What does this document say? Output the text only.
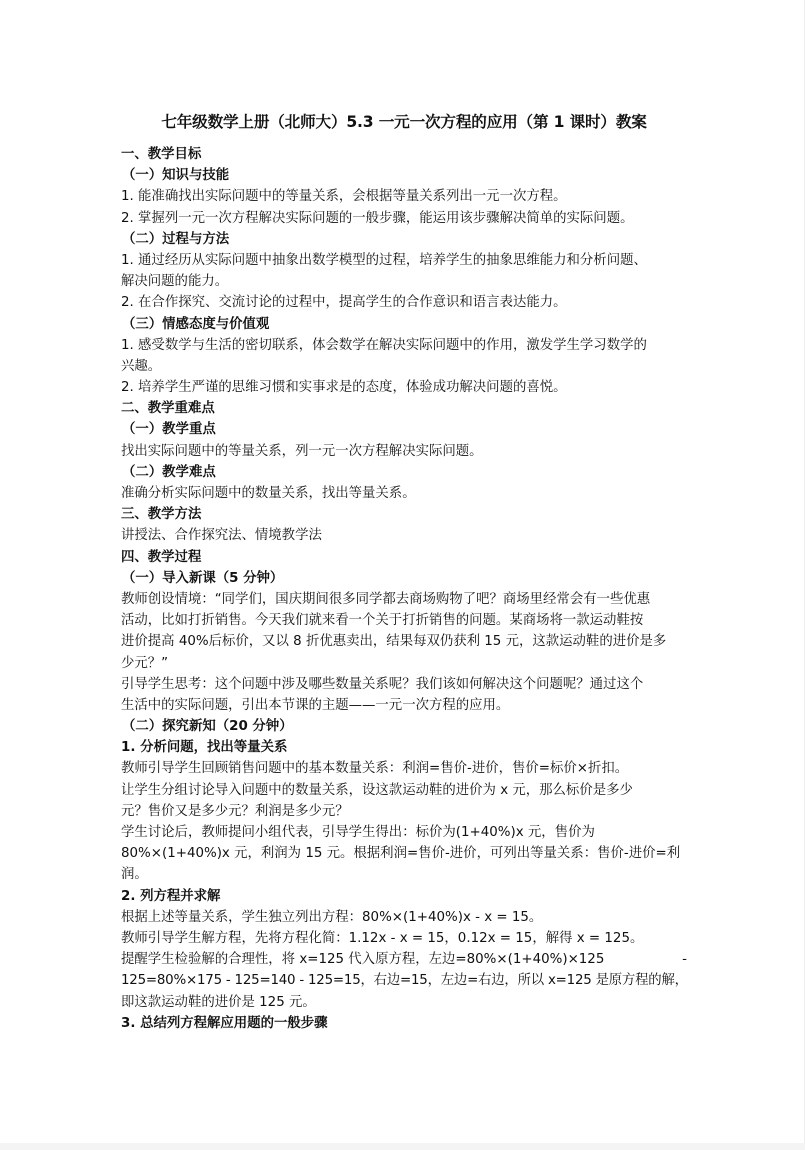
七年级数学上册（北师大）5.3 一元一次方程的应用（第 1 课时）教案
一、教学目标
（一）知识与技能
1. 能准确找出实际问题中的等量关系，会根据等量关系列出一元一次方程。
2. 掌握列一元一次方程解决实际问题的一般步骤，能运用该步骤解决简单的实际问题。
（二）过程与方法
1. 通过经历从实际问题中抽象出数学模型的过程，培养学生的抽象思维能力和分析问题、
解决问题的能力。
2. 在合作探究、交流讨论的过程中，提高学生的合作意识和语言表达能力。
（三）情感态度与价值观
1. 感受数学与生活的密切联系，体会数学在解决实际问题中的作用，激发学生学习数学的
兴趣。
2. 培养学生严谨的思维习惯和实事求是的态度，体验成功解决问题的喜悦。
二、教学重难点
（一）教学重点
找出实际问题中的等量关系，列一元一次方程解决实际问题。
（二）教学难点
准确分析实际问题中的数量关系，找出等量关系。
三、教学方法
讲授法、合作探究法、情境教学法
四、教学过程
（一）导入新课（5 分钟）
教师创设情境：“同学们，国庆期间很多同学都去商场购物了吧？商场里经常会有一些优惠
活动，比如打折销售。今天我们就来看一个关于打折销售的问题。某商场将一款运动鞋按
进价提高 40%后标价，又以 8 折优惠卖出，结果每双仍获利 15 元，这款运动鞋的进价是多
少元？”
引导学生思考：这个问题中涉及哪些数量关系呢？我们该如何解决这个问题呢？通过这个
生活中的实际问题，引出本节课的主题——一元一次方程的应用。
（二）探究新知（20 分钟）
1. 分析问题，找出等量关系
教师引导学生回顾销售问题中的基本数量关系：利润=售价-进价，售价=标价×折扣。
让学生分组讨论导入问题中的数量关系，设这款运动鞋的进价为 x 元，那么标价是多少
元？售价又是多少元？利润是多少元？
学生讨论后，教师提问小组代表，引导学生得出：标价为(1+40%)x 元，售价为
80%×(1+40%)x 元，利润为 15 元。根据利润=售价-进价，可列出等量关系：售价-进价=利
润。
2. 列方程并求解
根据上述等量关系，学生独立列出方程：80%×(1+40%)x - x = 15。
教师引导学生解方程，先将方程化简：1.12x - x = 15，0.12x = 15，解得 x = 125。
提醒学生检验解的合理性，将 x=125 代入原方程，左边=80%×(1+40%)×125	-
125=80%×175 - 125=140 - 125=15，右边=15，左边=右边，所以 x=125 是原方程的解，
即这款运动鞋的进价是 125 元。
3. 总结列方程解应用题的一般步骤
